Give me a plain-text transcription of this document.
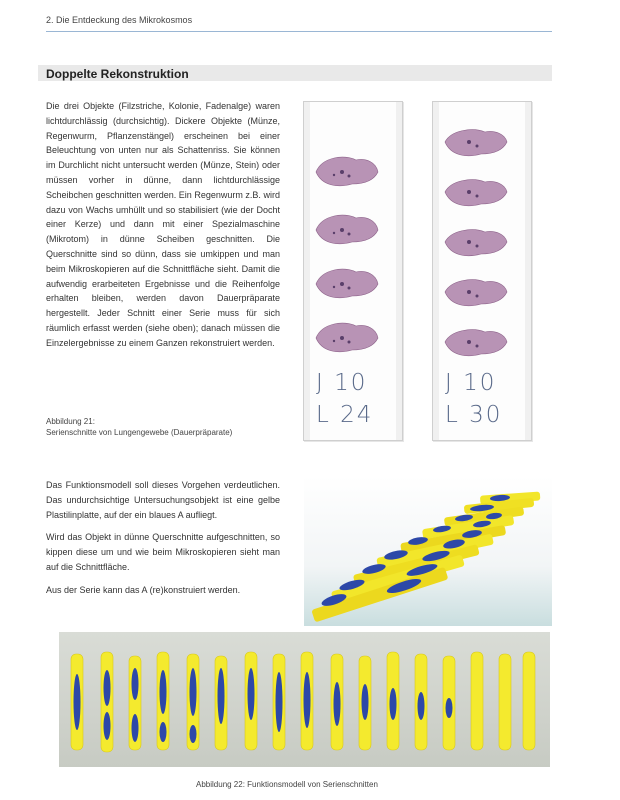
2. Die Entdeckung des Mikrokosmos
Doppelte Rekonstruktion
Die drei Objekte (Filzstriche, Kolonie, Fadenalge) waren lichtdurchlässig (durchsichtig). Dickere Objekte (Münze, Regenwurm, Pflanzenstängel) erscheinen bei einer Beleuchtung von unten nur als Schattenriss. Sie können im Durchlicht nicht untersucht werden (Münze, Stein) oder müssen vorher in dünne, dann lichtdurchlässige Scheibchen geschnitten werden. Ein Regenwurm z.B. wird dazu von Wachs umhüllt und so stabilisiert (wie der Docht einer Kerze) und dann mit einer Spezialmaschine (Mikrotom) in dünne Scheiben geschnitten. Die Querschnitte sind so dünn, dass sie umkippen und man beim Mikroskopieren auf die Schnittfläche sieht. Damit die aufwendig erarbeiteten Ergebnisse und die Reihenfolge erhalten bleiben, werden davon Dauerpräparate hergestellt. Jeder Schnitt einer Serie muss für sich räumlich erfasst werden (siehe oben); danach müssen die Einzelergebnisse zu einem Ganzen rekonstruiert werden.
J 10
L 24
J 10
L 30
Abbildung 21:
Serienschnitte von Lungengewebe (Dauerpräparate)

Das Funktionsmodell soll dieses Vorgehen verdeutlichen. Das undurchsichtige Untersuchungsobjekt ist eine gelbe Plastilinplatte, auf der ein blaues A aufliegt.

Wird das Objekt in dünne Querschnitte aufgeschnitten, so kippen diese um und wie beim Mikroskopieren sieht man auf die Schnittfläche.

Aus der Serie kann das A (re)konstruiert werden.

Abbildung 22: Funktionsmodell von Serienschnitten
